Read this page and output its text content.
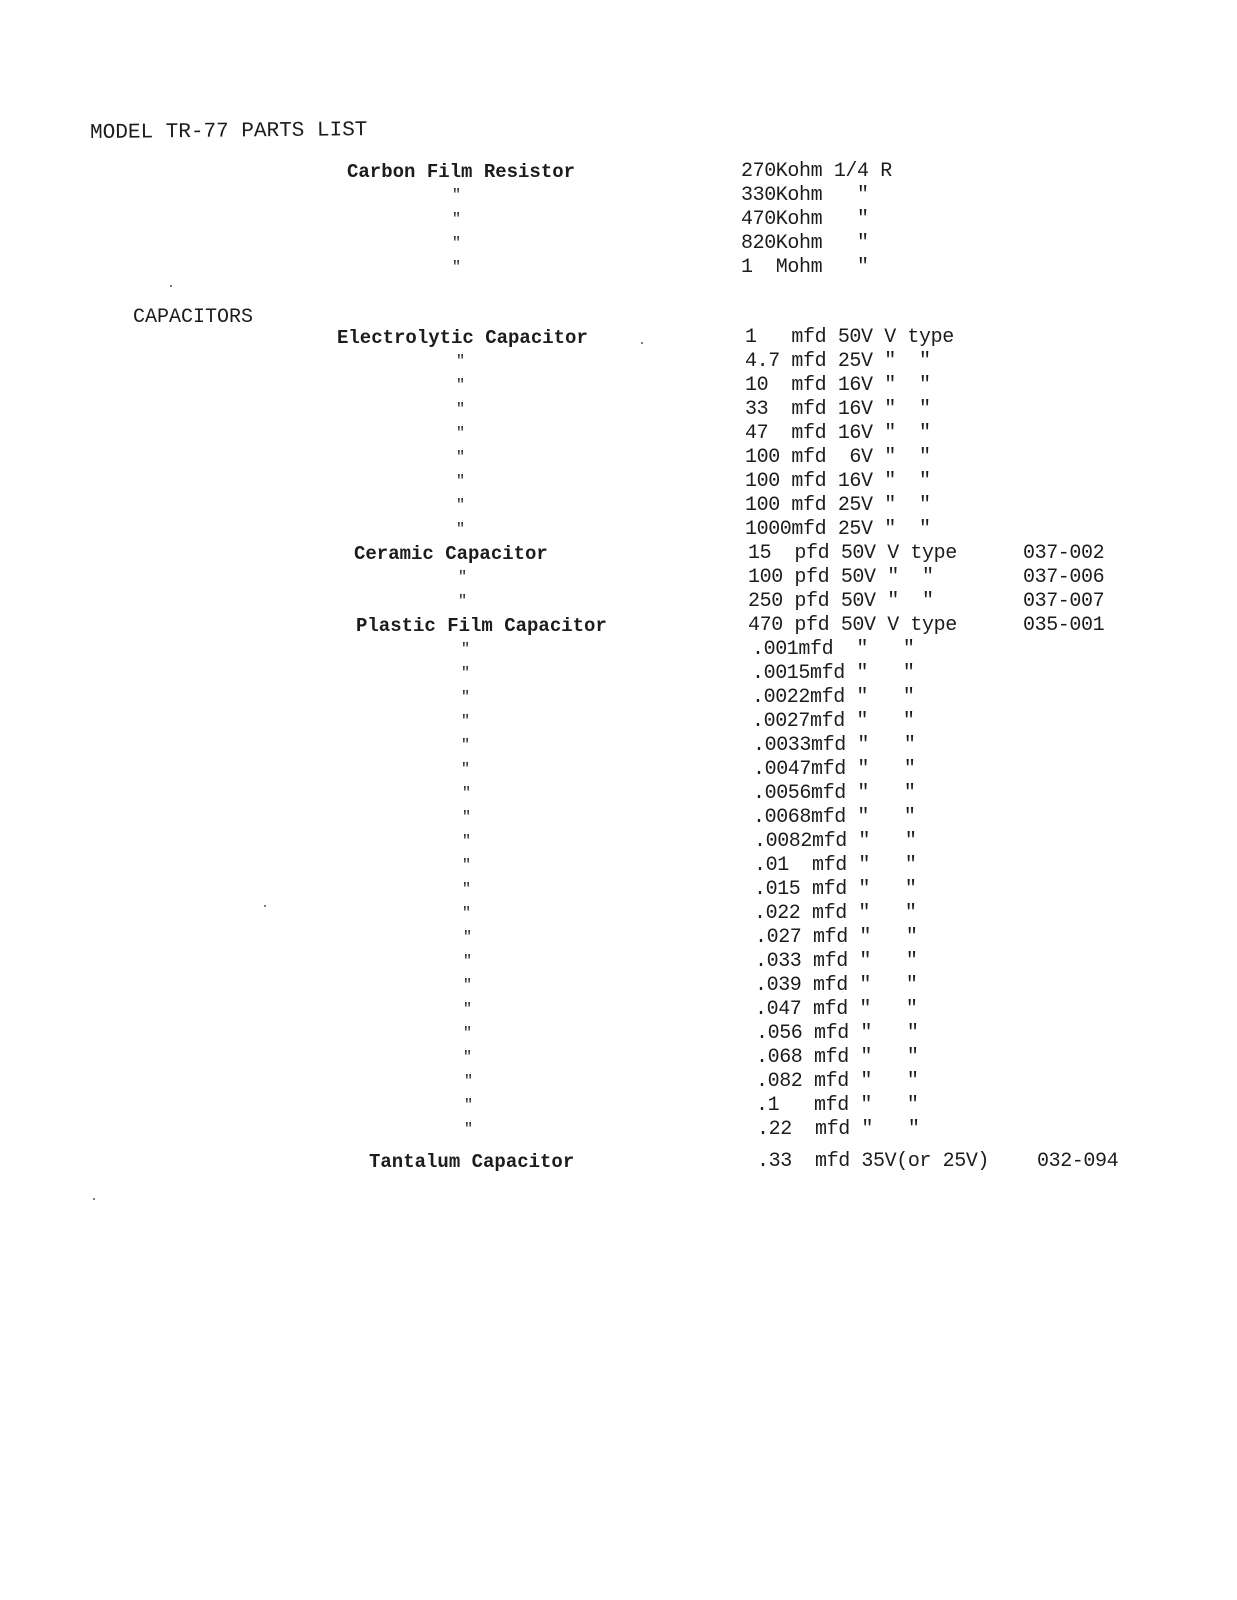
MODEL TR-77 PARTS LIST
CAPACITORS
Carbon Film Resistor	270Kohm 1/4 R
"	330Kohm   "
"	470Kohm   "
"	820Kohm   "
"	1  Mohm   "
Electrolytic Capacitor	1   mfd 50V V type
"	4.7 mfd 25V "  "
"	10  mfd 16V "  "
"	33  mfd 16V "  "
"	47  mfd 16V "  "
"	100 mfd  6V "  "
"	100 mfd 16V "  "
"	100 mfd 25V "  "
"	1000mfd 25V "  "
Ceramic Capacitor	15  pfd 50V V type	037-002
"	100 pfd 50V "  "	037-006
"	250 pfd 50V "  "	037-007
Plastic Film Capacitor	470 pfd 50V V type	035-001
"	.001mfd  "   "
"	.0015mfd "   "
"	.0022mfd "   "
"	.0027mfd "   "
"	.0033mfd "   "
"	.0047mfd "   "
"	.0056mfd "   "
"	.0068mfd "   "
"	.0082mfd "   "
"	.01  mfd "   "
"	.015 mfd "   "
"	.022 mfd "   "
"	.027 mfd "   "
"	.033 mfd "   "
"	.039 mfd "   "
"	.047 mfd "   "
"	.056 mfd "   "
"	.068 mfd "   "
"	.082 mfd "   "
"	.1   mfd "   "
"	.22  mfd "   "
Tantalum Capacitor	.33  mfd 35V(or 25V) 032-094
